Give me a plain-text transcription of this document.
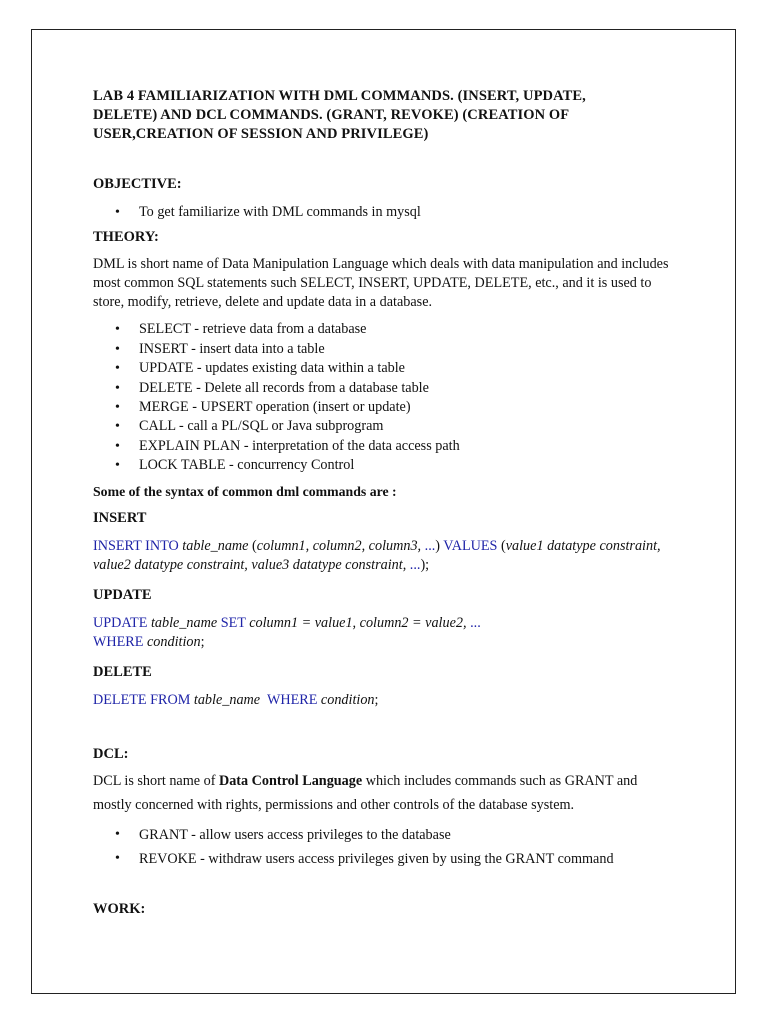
LAB 4 FAMILIARIZATION WITH DML COMMANDS. (INSERT, UPDATE, DELETE) AND DCL COMMANDS. (GRANT, REVOKE) (CREATION OF USER,CREATION OF SESSION AND PRIVILEGE)

OBJECTIVE:

• To get familiarize with DML commands in mysql

THEORY:

DML is short name of Data Manipulation Language which deals with data manipulation and includes most common SQL statements such SELECT, INSERT, UPDATE, DELETE, etc., and it is used to store, modify, retrieve, delete and update data in a database.

• SELECT - retrieve data from a database
• INSERT - insert data into a table
• UPDATE - updates existing data within a table
• DELETE - Delete all records from a database table
• MERGE - UPSERT operation (insert or update)
• CALL - call a PL/SQL or Java subprogram
• EXPLAIN PLAN - interpretation of the data access path
• LOCK TABLE - concurrency Control

Some of the syntax of common dml commands are :

INSERT

INSERT INTO table_name (column1, column2, column3, ...) VALUES (value1 datatype constraint, value2 datatype constraint, value3 datatype constraint, ...);

UPDATE

UPDATE table_name SET column1 = value1, column2 = value2, ...
WHERE condition;

DELETE

DELETE FROM table_name WHERE condition;

DCL:

DCL is short name of Data Control Language which includes commands such as GRANT and mostly concerned with rights, permissions and other controls of the database system.

• GRANT - allow users access privileges to the database
• REVOKE - withdraw users access privileges given by using the GRANT command

WORK:
